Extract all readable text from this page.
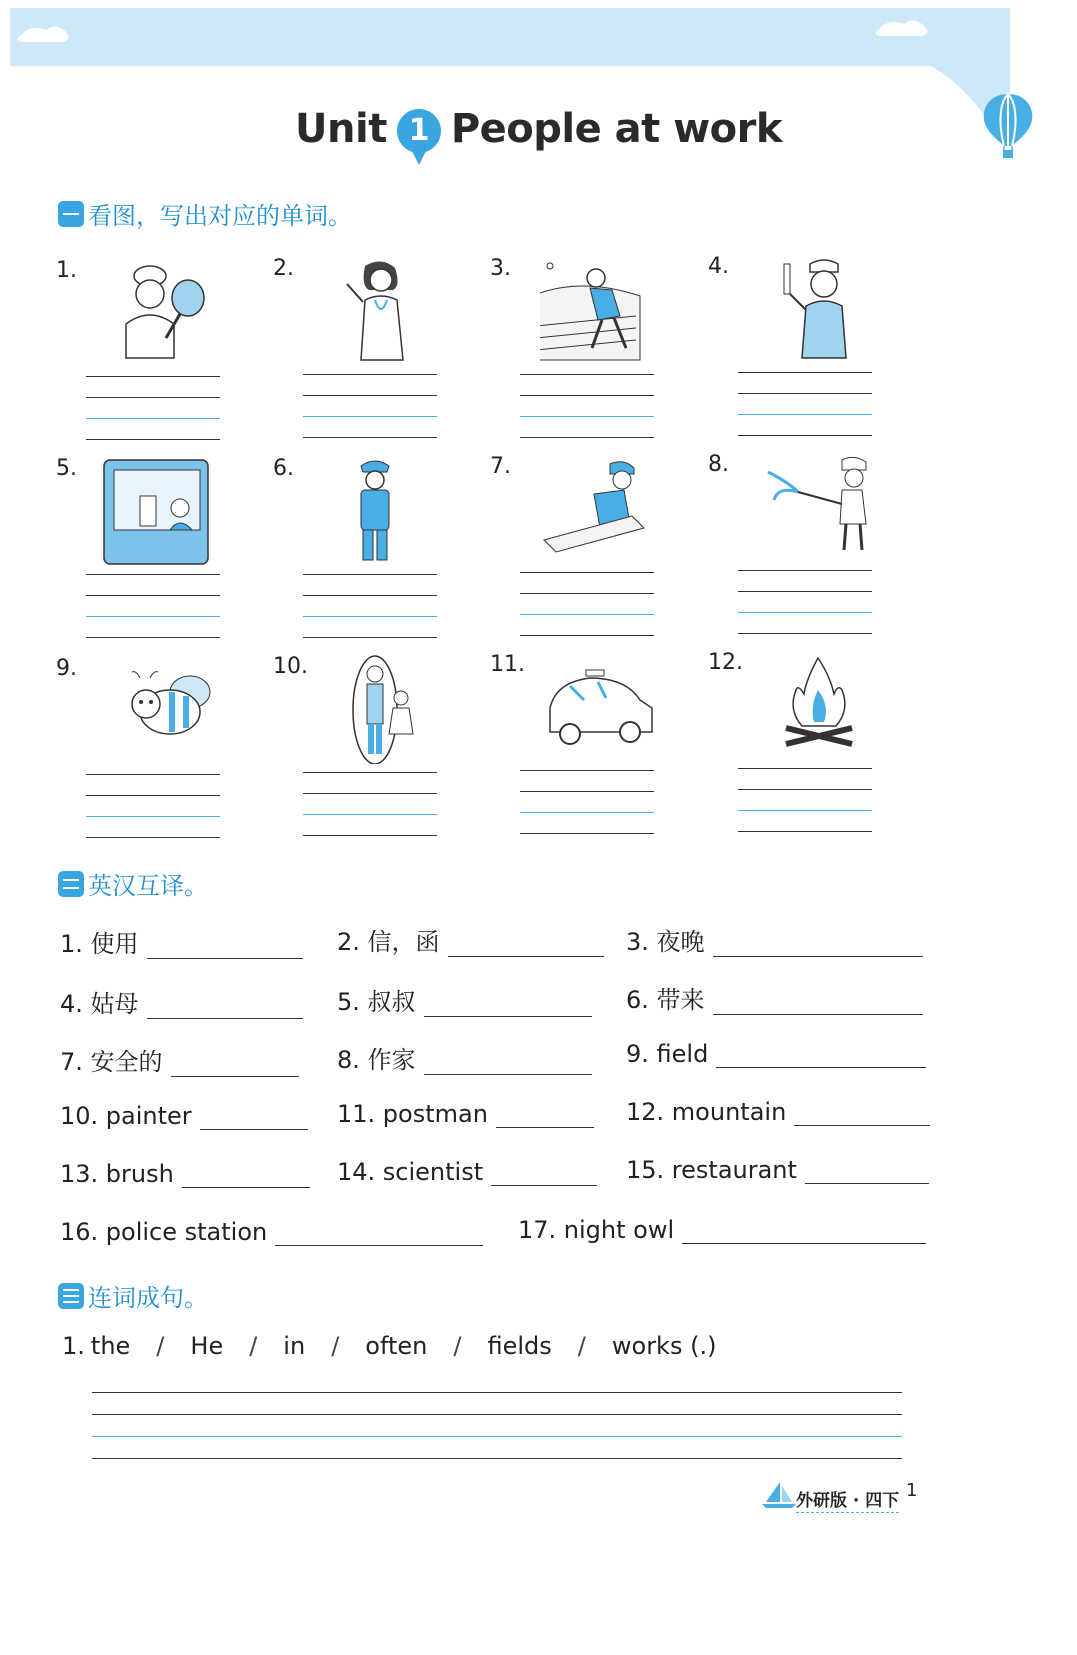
Unit 1 People at work
看图，写出对应的单词。
1.	2.	3.	4.
5.	6.	7.	8.
9.	10.	11.	12.
英汉互译。
1. 使用	2. 信，函	3. 夜晚
4. 姑母	5. 叔叔	6. 带来
7. 安全的	8. 作家	9. field
10. painter	11. postman	12. mountain
13. brush	14. scientist	15. restaurant
16. police station	17. night owl
连词成句。
1. the	/	He	/	in	/	often	/	fields	/	works (.)
外研版 · 四下 1
